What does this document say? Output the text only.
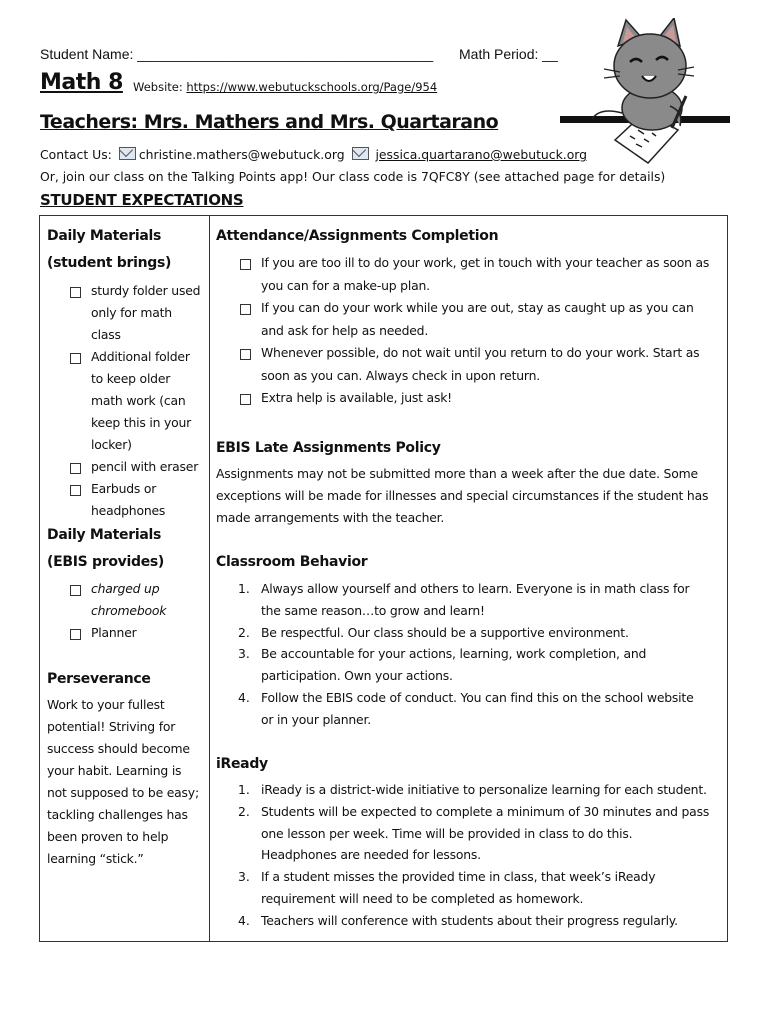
Student Name: ______________________________________ Math Period: __
Math 8 Website: https://www.webutuckschools.org/Page/954
Teachers: Mrs. Mathers and Mrs. Quartarano
Contact Us: christine.mathers@webutuck.org jessica.quartarano@webutuck.org
Or, join our class on the Talking Points app! Our class code is 7QFC8Y (see attached page for details)
STUDENT EXPECTATIONS
Daily Materials
(student brings)
Daily Materials
(EBIS provides)
Perseverance
Work to your fullest
potential! Striving for
success should become
your habit. Learning is
not supposed to be easy;
tackling challenges has
been proven to help
learning “stick.”
Attendance/Assignments Completion
EBIS Late Assignments Policy
Assignments may not be submitted more than a week after the due date. Some
exceptions will be made for illnesses and special circumstances if the student has
made arrangements with the teacher.
Classroom Behavior
iReady
sturdy folder used
only for math
class
Additional folder
to keep older
math work (can
keep this in your
locker)
pencil with eraser
Earbuds or
headphones
charged up
chromebook
Planner
If you are too ill to do your work, get in touch with your teacher as soon as
you can for a make-up plan.
If you can do your work while you are out, stay as caught up as you can
and ask for help as needed.
Whenever possible, do not wait until you return to do your work. Start as
soon as you can. Always check in upon return.
Extra help is available, just ask!
1. Always allow yourself and others to learn. Everyone is in math class for
the same reason…to grow and learn!
2. Be respectful. Our class should be a supportive environment.
3. Be accountable for your actions, learning, work completion, and
participation. Own your actions.
4. Follow the EBIS code of conduct. You can find this on the school website
or in your planner.
1. iReady is a district-wide initiative to personalize learning for each student.
2. Students will be expected to complete a minimum of 30 minutes and pass
one lesson per week. Time will be provided in class to do this.
Headphones are needed for lessons.
3. If a student misses the provided time in class, that week’s iReady
requirement will need to be completed as homework.
4. Teachers will conference with students about their progress regularly.
